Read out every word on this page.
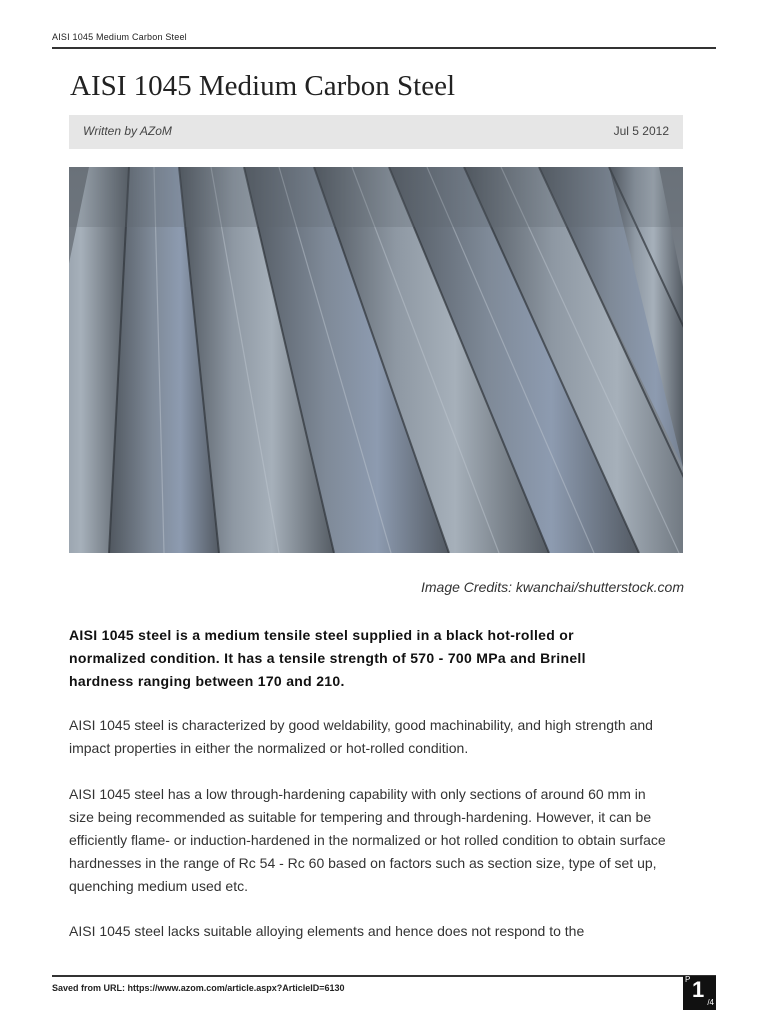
AISI 1045 Medium Carbon Steel
AISI 1045 Medium Carbon Steel
Written by AZoM	Jul 5 2012
Image Credits: kwanchai/shutterstock.com
AISI 1045 steel is a medium tensile steel supplied in a black hot-rolled or normalized condition. It has a tensile strength of 570 - 700 MPa and Brinell hardness ranging between 170 and 210.
AISI 1045 steel is characterized by good weldability, good machinability, and high strength and impact properties in either the normalized or hot-rolled condition.
AISI 1045 steel has a low through-hardening capability with only sections of around 60 mm in size being recommended as suitable for tempering and through-hardening. However, it can be efficiently flame- or induction-hardened in the normalized or hot rolled condition to obtain surface hardnesses in the range of Rc 54 - Rc 60 based on factors such as section size, type of set up, quenching medium used etc.
AISI 1045 steel lacks suitable alloying elements and hence does not respond to the
Saved from URL: https://www.azom.com/article.aspx?ArticleID=6130
P 1
/4
